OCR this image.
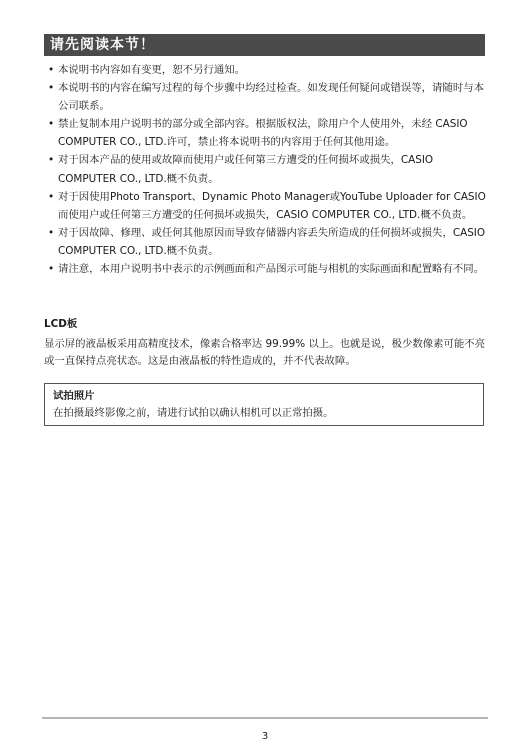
请先阅读本节！
• 本说明书内容如有变更，恕不另行通知。
• 本说明书的内容在编写过程的每个步骤中均经过检查。如发现任何疑问或错误等，请随时与本公司联系。
• 禁止复制本用户说明书的部分或全部内容。根据版权法，除用户个人使用外，未经 CASIO COMPUTER CO., LTD.许可，禁止将本说明书的内容用于任何其他用途。
• 对于因本产品的使用或故障而使用户或任何第三方遭受的任何损坏或损失，CASIO COMPUTER CO., LTD.概不负责。
• 对于因使用Photo Transport、Dynamic Photo Manager或YouTube Uploader for CASIO而使用户或任何第三方遭受的任何损坏或损失，CASIO COMPUTER CO., LTD.概不负责。
• 对于因故障、修理、或任何其他原因而导致存储器内容丢失所造成的任何损坏或损失，CASIO COMPUTER CO., LTD.概不负责。
• 请注意，本用户说明书中表示的示例画面和产品图示可能与相机的实际画面和配置略有不同。

LCD板

显示屏的液晶板采用高精度技术，像素合格率达 99.99% 以上。也就是说，极少数像素可能不亮或一直保持点亮状态。这是由液晶板的特性造成的，并不代表故障。

试拍照片

在拍摄最终影像之前，请进行试拍以确认相机可以正常拍摄。

3
